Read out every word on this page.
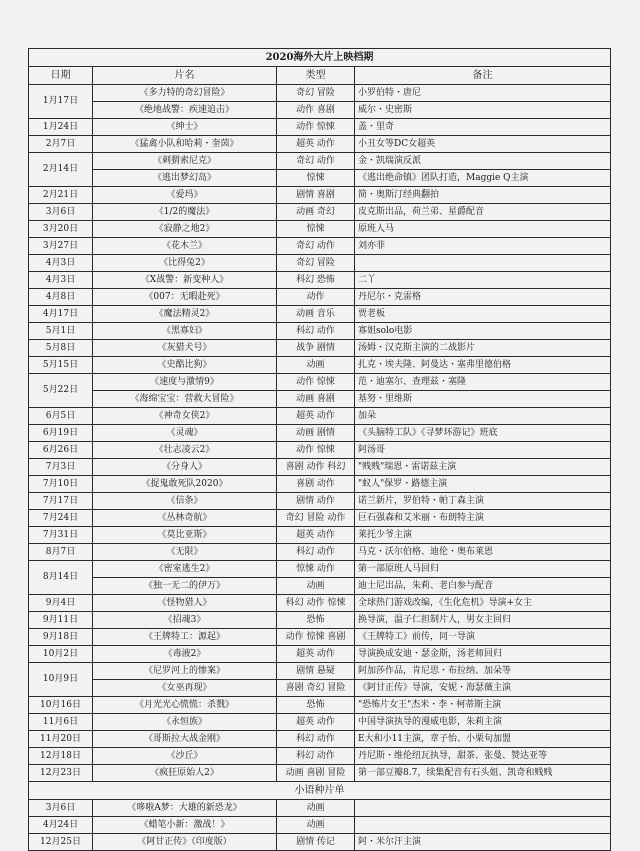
2020海外大片上映档期			
日期	片名	类型	备注
1月17日	《多力特的奇幻冒险》	奇幻 冒险	小罗伯特・唐尼
	《绝地战警：疾速追击》	动作 喜剧	威尔・史密斯
1月24日	《绅士》	动作 惊悚	盖・里奇
2月7日	《猛禽小队和哈莉・奎茵》	超英 动作	小丑女等DC女超英
2月14日	《刺猬索尼克》	奇幻 动作	金・凯瑞演反派
	《逃出梦幻岛》	惊悚	《逃出绝命镇》团队打造，Maggie Q主演
2月21日	《爱玛》	剧情 喜剧	简・奥斯汀经典翻拍
3月6日	《1/2的魔法》	动画 奇幻	皮克斯出品，荷兰弟、星爵配音
3月20日	《寂静之地2》	惊悚	原班人马
3月27日	《花木兰》	奇幻 动作	刘亦菲
4月3日	《比得兔2》	奇幻 冒险	
4月3日	《X战警：新变种人》	科幻 恐怖	二丫
4月8日	《007：无暇赴死》	动作	丹尼尔・克雷格
4月17日	《魔法精灵2》	动画 音乐	贾老板
5月1日	《黑寡妇》	科幻 动作	寡姐solo电影
5月8日	《灰猎犬号》	战争 剧情	汤姆・汉克斯主演的二战影片
5月15日	《史酷比狗》	动画	扎克・埃夫隆、阿曼达・塞弗里德伯格
5月22日	《速度与激情9》	动作 惊悚	范・迪塞尔、查理兹・塞隆
	《海绵宝宝：营救大冒险》	动画 喜剧	基努・里维斯
6月5日	《神奇女侠2》	超英 动作	加朵
6月19日	《灵魂》	动画 剧情	《头脑特工队》《寻梦环游记》班底
6月26日	《壮志凌云2》	动作 惊悚	阿汤哥
7月3日	《分身人》	喜剧 动作 科幻	"贱贱"瑞恩・雷诺兹主演
7月10日	《捉鬼敢死队2020》	喜剧 动作	"蚁人"保罗・路德主演
7月17日	《信条》	剧情 动作	诺兰新片，罗伯特・帕丁森主演
7月24日	《丛林奇航》	奇幻 冒险 动作	巨石强森和艾米丽・布朗特主演
7月31日	《莫比亚斯》	超英 动作	莱托少爷主演
8月7日	《无限》	科幻 动作	马克・沃尔伯格、迪伦・奥布莱恩
8月14日	《密室逃生2》	惊悚 动作	第一部原班人马回归
	《独一无二的伊万》	动画	迪士尼出品，朱莉、老白参与配音
9月4日	《怪物猎人》	科幻 动作 惊悚	全球热门游戏改编，《生化危机》导演+女主
9月11日	《招魂3》	恐怖	换导演，温子仁担制片人，男女主回归
9月18日	《王牌特工：源起》	动作 惊悚 喜剧	《王牌特工》前传，同一导演
10月2日	《毒液2》	超英 动作	导演换成安迪・瑟金斯，汤老师回归
10月9日	《尼罗河上的惨案》	剧情 悬疑	阿加莎作品，肯尼思・布拉纳、加朵等
	《女巫再现》	喜剧 奇幻 冒险	《阿甘正传》导演，安妮・海瑟薇主演
10月16日	《月光光心慌慌：杀戮》	恐怖	"恐怖片女王"杰米・李・柯蒂斯主演
11月6日	《永恒族》	超英 动作	中国导演执导的漫威电影，朱莉主演
11月20日	《哥斯拉大战金刚》	科幻 动作	E大和小11主演，章子怡、小栗旬加盟
12月18日	《沙丘》	科幻 动作	丹尼斯・维伦纽瓦执导，甜茶、张曼、赞达亚等
12月23日	《疯狂原始人2》	动画 喜剧 冒险	第一部豆瓣8.7，续集配音有石头姐、凯奇和贱贱
小语种片单			
3月6日	《哆啦A梦：大雄的新恐龙》	动画	
4月24日	《蜡笔小新：激战！》	动画	
12月25日	《阿甘正传》（印度版）	剧情 传记	阿・米尔汗主演
